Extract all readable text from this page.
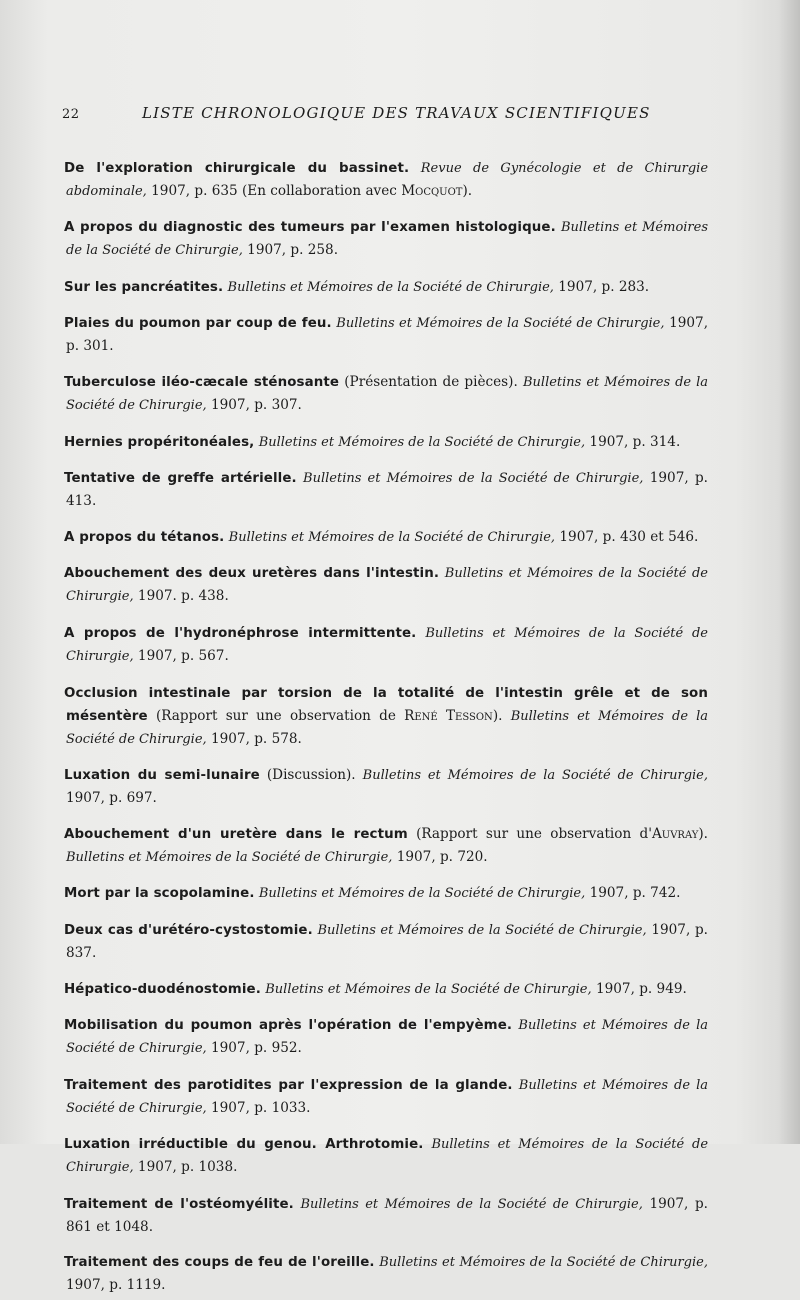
22	LISTE CHRONOLOGIQUE DES TRAVAUX SCIENTIFIQUES

De l'exploration chirurgicale du bassinet. Revue de Gynécologie et de Chirurgie abdominale, 1907, p. 635 (En collaboration avec Mocquot).

A propos du diagnostic des tumeurs par l'examen histologique. Bulletins et Mémoires de la Société de Chirurgie, 1907, p. 258.

Sur les pancréatites. Bulletins et Mémoires de la Société de Chirurgie, 1907, p. 283.

Plaies du poumon par coup de feu. Bulletins et Mémoires de la Société de Chirurgie, 1907, p. 301.

Tuberculose iléo-cæcale sténosante (Présentation de pièces). Bulletins et Mémoires de la Société de Chirurgie, 1907, p. 307.

Hernies propéritonéales, Bulletins et Mémoires de la Société de Chirurgie, 1907, p. 314.

Tentative de greffe artérielle. Bulletins et Mémoires de la Société de Chirurgie, 1907, p. 413.

A propos du tétanos. Bulletins et Mémoires de la Société de Chirurgie, 1907, p. 430 et 546.

Abouchement des deux uretères dans l'intestin. Bulletins et Mémoires de la Société de Chirurgie, 1907. p. 438.

A propos de l'hydronéphrose intermittente. Bulletins et Mémoires de la Société de Chirurgie, 1907, p. 567.

Occlusion intestinale par torsion de la totalité de l'intestin grêle et de son mésentère (Rapport sur une observation de René Tesson). Bulletins et Mémoires de la Société de Chirurgie, 1907, p. 578.

Luxation du semi-lunaire (Discussion). Bulletins et Mémoires de la Société de Chirurgie, 1907, p. 697.

Abouchement d'un uretère dans le rectum (Rapport sur une observation d'Auvray). Bulletins et Mémoires de la Société de Chirurgie, 1907, p. 720.

Mort par la scopolamine. Bulletins et Mémoires de la Société de Chirurgie, 1907, p. 742.

Deux cas d'urétéro-cystostomie. Bulletins et Mémoires de la Société de Chirurgie, 1907, p. 837.

Hépatico-duodénostomie. Bulletins et Mémoires de la Société de Chirurgie, 1907, p. 949.

Mobilisation du poumon après l'opération de l'empyème. Bulletins et Mémoires de la Société de Chirurgie, 1907, p. 952.

Traitement des parotidites par l'expression de la glande. Bulletins et Mémoires de la Société de Chirurgie, 1907, p. 1033.

Luxation irréductible du genou. Arthrotomie. Bulletins et Mémoires de la Société de Chirurgie, 1907, p. 1038.

Traitement de l'ostéomyélite. Bulletins et Mémoires de la Société de Chirurgie, 1907, p. 861 et 1048.

Traitement des coups de feu de l'oreille. Bulletins et Mémoires de la Société de Chirurgie, 1907, p. 1119.
